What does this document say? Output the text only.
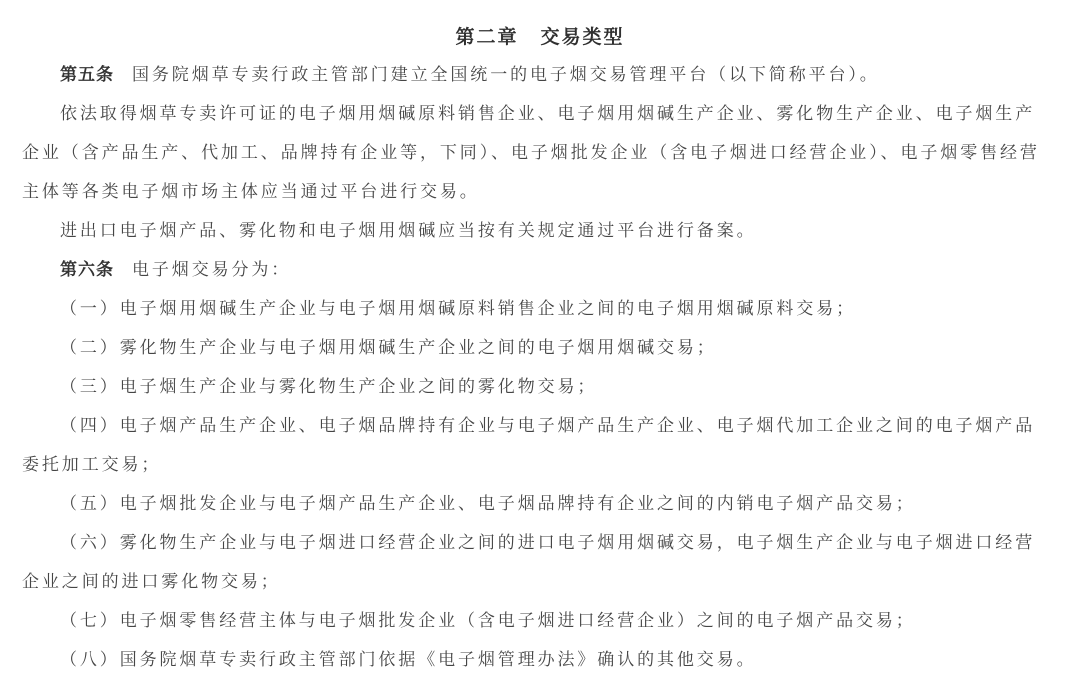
第二章 交易类型
第五条 国务院烟草专卖行政主管部门建立全国统一的电子烟交易管理平台（以下简称平台）。
依法取得烟草专卖许可证的电子烟用烟碱原料销售企业、电子烟用烟碱生产企业、雾化物生产企业、电子烟生产企业（含产品生产、代加工、品牌持有企业等，下同）、电子烟批发企业（含电子烟进口经营企业）、电子烟零售经营主体等各类电子烟市场主体应当通过平台进行交易。
进出口电子烟产品、雾化物和电子烟用烟碱应当按有关规定通过平台进行备案。
第六条 电子烟交易分为：
（一）电子烟用烟碱生产企业与电子烟用烟碱原料销售企业之间的电子烟用烟碱原料交易；
（二）雾化物生产企业与电子烟用烟碱生产企业之间的电子烟用烟碱交易；
（三）电子烟生产企业与雾化物生产企业之间的雾化物交易；
（四）电子烟产品生产企业、电子烟品牌持有企业与电子烟产品生产企业、电子烟代加工企业之间的电子烟产品委托加工交易；
（五）电子烟批发企业与电子烟产品生产企业、电子烟品牌持有企业之间的内销电子烟产品交易；
（六）雾化物生产企业与电子烟进口经营企业之间的进口电子烟用烟碱交易，电子烟生产企业与电子烟进口经营企业之间的进口雾化物交易；
（七）电子烟零售经营主体与电子烟批发企业（含电子烟进口经营企业）之间的电子烟产品交易；
（八）国务院烟草专卖行政主管部门依据《电子烟管理办法》确认的其他交易。
